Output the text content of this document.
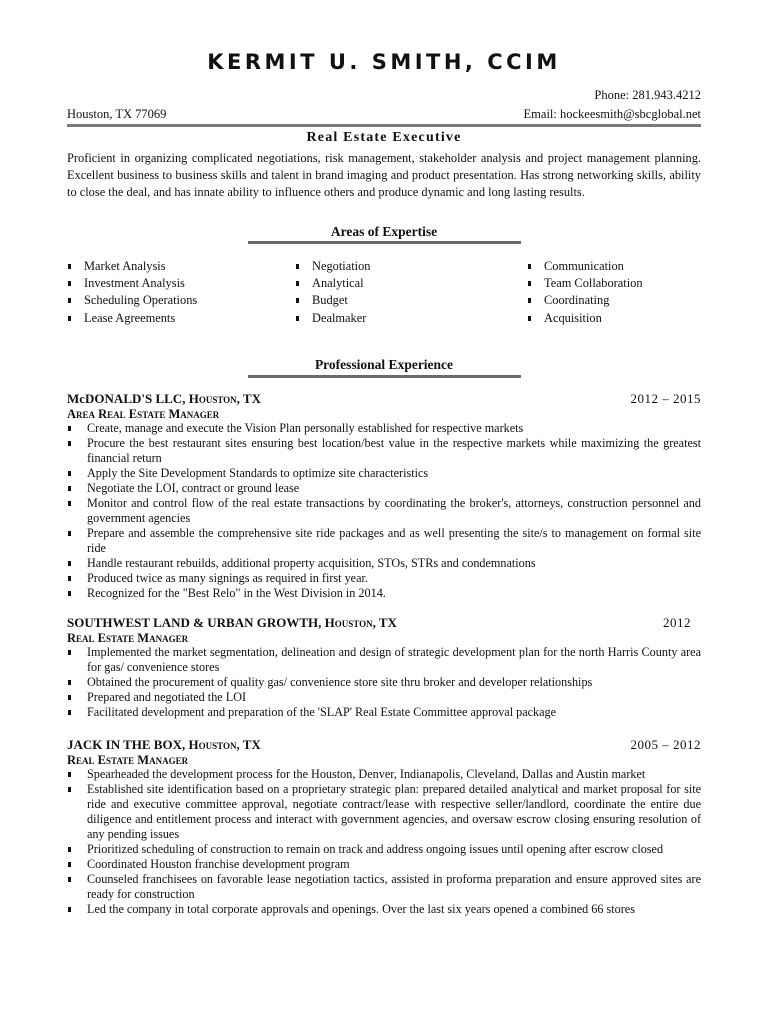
KERMIT U. SMITH, CCIM
Phone: 281.943.4212
Houston, TX 77069	Email: hockeesmith@sbcglobal.net
Real Estate Executive
Proficient in organizing complicated negotiations, risk management, stakeholder analysis and project management planning. Excellent business to business skills and talent in brand imaging and product presentation. Has strong networking skills, ability to close the deal, and has innate ability to influence others and produce dynamic and long lasting results.
Areas of Expertise
Market Analysis
Investment Analysis
Scheduling Operations
Lease Agreements
Negotiation
Analytical
Budget
Dealmaker
Communication
Team Collaboration
Coordinating
Acquisition
Professional Experience
McDONALD'S LLC, Houston, TX	2012 – 2015
Area Real Estate Manager
Create, manage and execute the Vision Plan personally established for respective markets
Procure the best restaurant sites ensuring best location/best value in the respective markets while maximizing the greatest financial return
Apply the Site Development Standards to optimize site characteristics
Negotiate the LOI, contract or ground lease
Monitor and control flow of the real estate transactions by coordinating the broker's, attorneys, construction personnel and government agencies
Prepare and assemble the comprehensive site ride packages and as well presenting the site/s to management on formal site ride
Handle restaurant rebuilds, additional property acquisition, STOs, STRs and condemnations
Produced twice as many signings as required in first year.
Recognized for the "Best Relo" in the West Division in 2014.
SOUTHWEST LAND & URBAN GROWTH, Houston, TX	2012
Real Estate Manager
Implemented the market segmentation, delineation and design of strategic development plan for the north Harris County area for gas/ convenience stores
Obtained the procurement of quality gas/ convenience store site thru broker and developer relationships
Prepared and negotiated the LOI
Facilitated development and preparation of the 'SLAP' Real Estate Committee approval package
JACK IN THE BOX, Houston, TX	2005 – 2012
Real Estate Manager
Spearheaded the development process for the Houston, Denver, Indianapolis, Cleveland, Dallas and Austin market
Established site identification based on a proprietary strategic plan: prepared detailed analytical and market proposal for site ride and executive committee approval, negotiate contract/lease with respective seller/landlord, coordinate the entire due diligence and entitlement process and interact with government agencies, and oversaw escrow closing ensuring resolution of any pending issues
Prioritized scheduling of construction to remain on track and address ongoing issues until opening after escrow closed
Coordinated Houston franchise development program
Counseled franchisees on favorable lease negotiation tactics, assisted in proforma preparation and ensure approved sites are ready for construction
Led the company in total corporate approvals and openings. Over the last six years opened a combined 66 stores
